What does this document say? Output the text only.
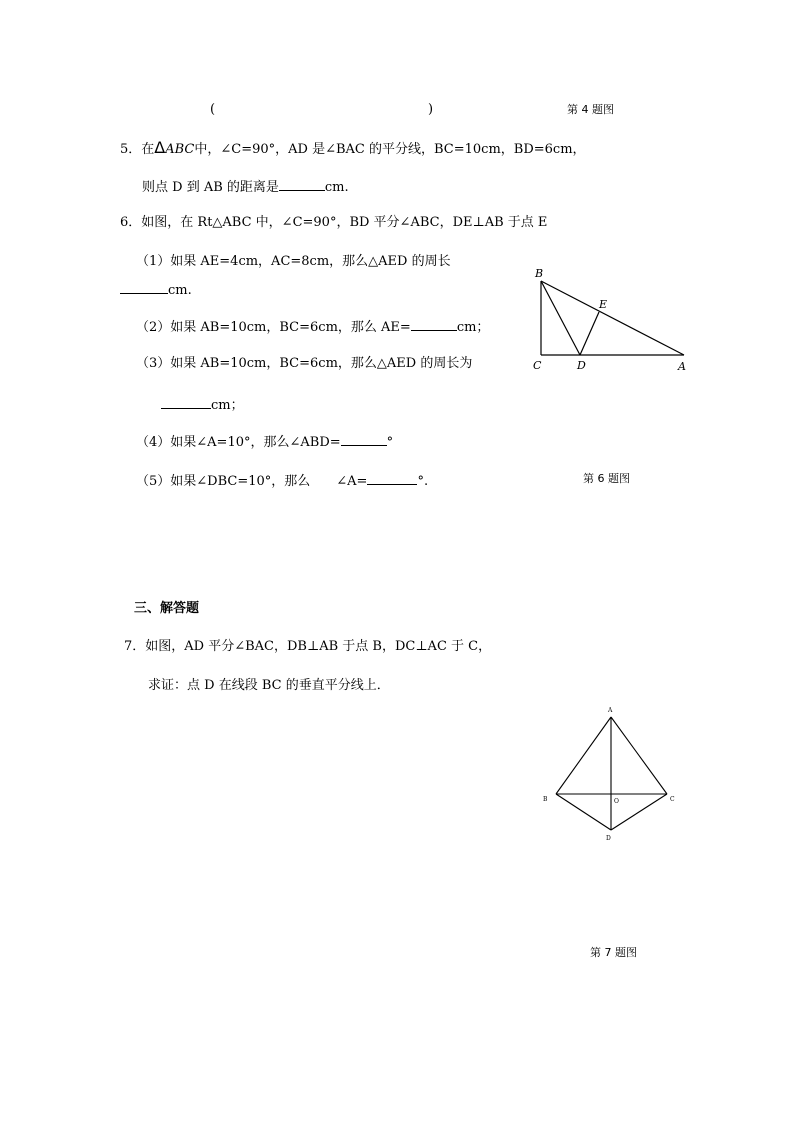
(	)	第 4 题图
5．在ΔABC中，∠C=90°，AD 是∠BAC 的平分线，BC=10cm，BD=6cm，
则点 D 到 AB 的距离是	cm.
6．如图，在 Rt△ABC 中，∠C=90°，BD 平分∠ABC，DE⊥AB 于点 E
（1）如果 AE=4cm，AC=8cm，那么△AED 的周长
cm.
（2）如果 AB=10cm，BC=6cm，那么 AE=	cm；
（3）如果 AB=10cm，BC=6cm，那么△AED 的周长为
cm；
（4）如果∠A=10°，那么∠ABD=	°
（5）如果∠DBC=10°，那么 ∠A=	°.	第 6 题图
B
E
C	D	A
三、解答题
7．如图，AD 平分∠BAC，DB⊥AB 于点 B，DC⊥AC 于 C，
求证：点 D 在线段 BC 的垂直平分线上．
A
B	C
D
O
第 7 题图
